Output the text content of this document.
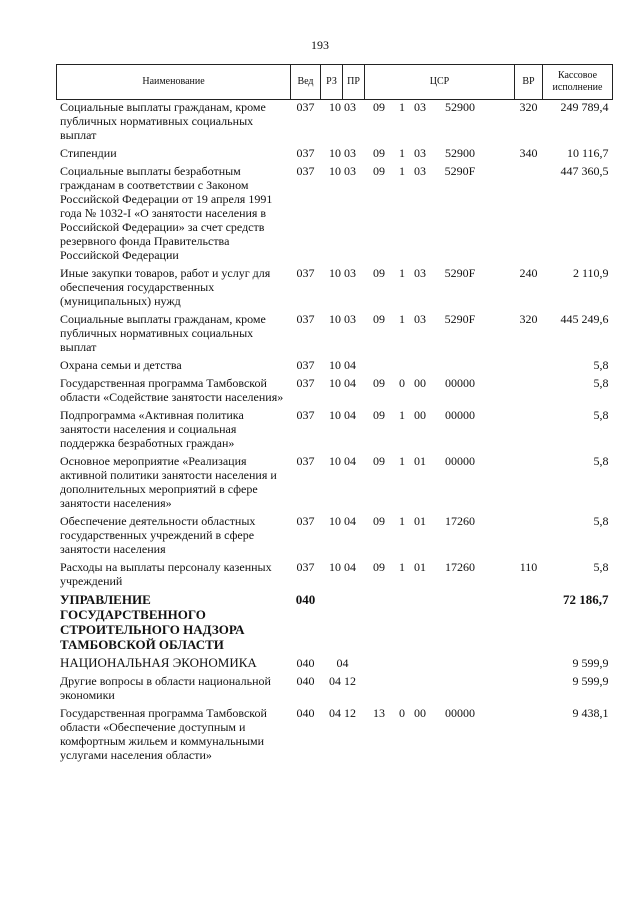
193
Наименование	Вед	РЗ	ПР	ЦСР	ВР	Кассовое исполнение
Социальные выплаты гражданам, кроме публичных нормативных социальных выплат	037	10 03		09 1 03 52900	320	249 789,4
Стипендии	037	10 03		09 1 03 52900	340	10 116,7
Социальные выплаты безработным гражданам в соответствии с Законом Российской Федерации от 19 апреля 1991 года № 1032-I «О занятости населения в Российской Федерации» за счет средств резервного фонда Правительства Российской Федерации	037	10 03		09 1 03 5290F		447 360,5
Иные закупки товаров, работ и услуг для обеспечения государственных (муниципальных) нужд	037	10 03		09 1 03 5290F	240	2 110,9
Социальные выплаты гражданам, кроме публичных нормативных социальных выплат	037	10 03		09 1 03 5290F	320	445 249,6
Охрана семьи и детства	037	10 04				5,8
Государственная программа Тамбовской области «Содействие занятости населения»	037	10 04		09 0 00 00000		5,8
Подпрограмма «Активная политика занятости населения и социальная поддержка безработных граждан»	037	10 04		09 1 00 00000		5,8
Основное мероприятие «Реализация активной политики занятости населения и дополнительных мероприятий в сфере занятости населения»	037	10 04		09 1 01 00000		5,8
Обеспечение деятельности областных государственных учреждений в сфере занятости населения	037	10 04		09 1 01 17260		5,8
Расходы на выплаты персоналу казенных учреждений	037	10 04		09 1 01 17260	110	5,8
УПРАВЛЕНИЕ ГОСУДАРСТВЕННОГО СТРОИТЕЛЬНОГО НАДЗОРА ТАМБОВСКОЙ ОБЛАСТИ	040					72 186,7
НАЦИОНАЛЬНАЯ ЭКОНОМИКА	040	04				9 599,9
Другие вопросы в области национальной экономики	040	04 12				9 599,9
Государственная программа Тамбовской области «Обеспечение доступным и комфортным жильем и коммунальными услугами населения области»	040	04 12		13 0 00 00000		9 438,1
